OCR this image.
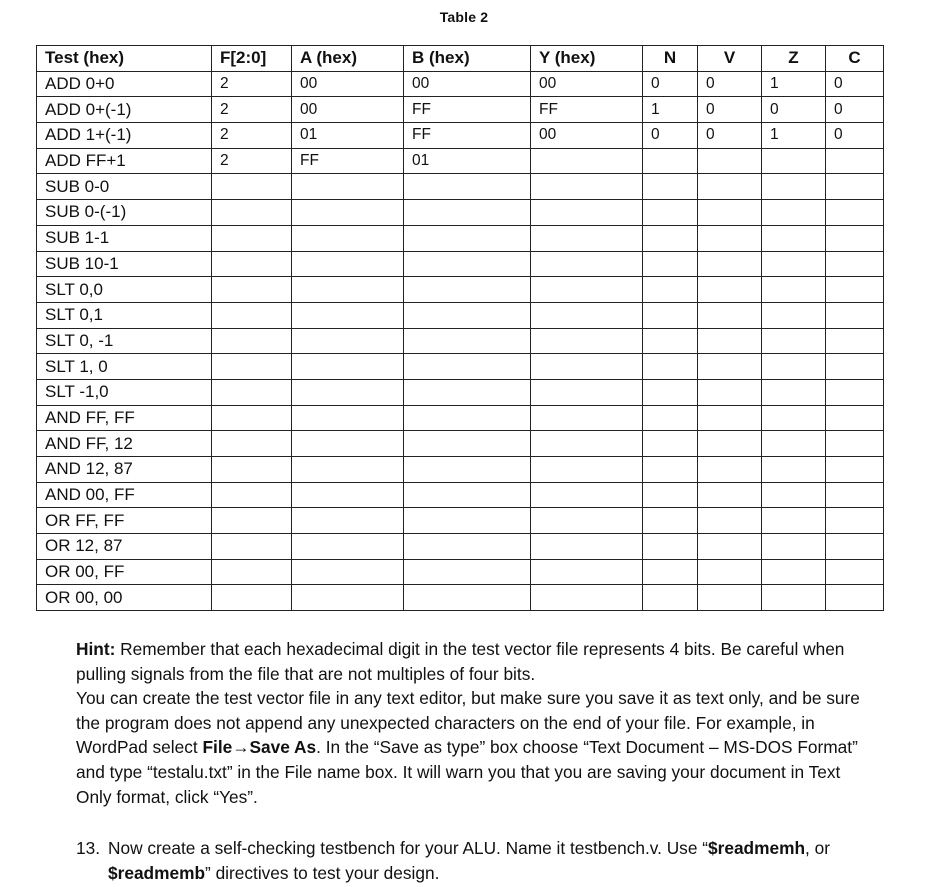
Table 2
Test (hex)	F[2:0]	A (hex)	B (hex)	Y (hex)	N	V	Z	C
ADD 0+0	2	00	00	00	0	0	1	0
ADD 0+(-1)	2	00	FF	FF	1	0	0	0
ADD 1+(-1)	2	01	FF	00	0	0	1	0
ADD FF+1	2	FF	01					
SUB 0-0								
SUB 0-(-1)								
SUB 1-1								
SUB 10-1								
SLT 0,0								
SLT 0,1								
SLT 0, -1								
SLT 1, 0								
SLT -1,0								
AND FF, FF								
AND FF, 12								
AND 12, 87								
AND 00, FF								
OR FF, FF								
OR 12, 87								
OR 00, FF								
OR 00, 00								

Hint: Remember that each hexadecimal digit in the test vector file represents 4 bits. Be careful when pulling signals from the file that are not multiples of four bits.

You can create the test vector file in any text editor, but make sure you save it as text only, and be sure the program does not append any unexpected characters on the end of your file. For example, in WordPad select File→Save As. In the “Save as type” box choose “Text Document – MS-DOS Format” and type “testalu.txt” in the File name box. It will warn you that you are saving your document in Text Only format, click “Yes”.

13. Now create a self-checking testbench for your ALU. Name it testbench.v. Use “$readmemh, or $readmemb” directives to test your design.
